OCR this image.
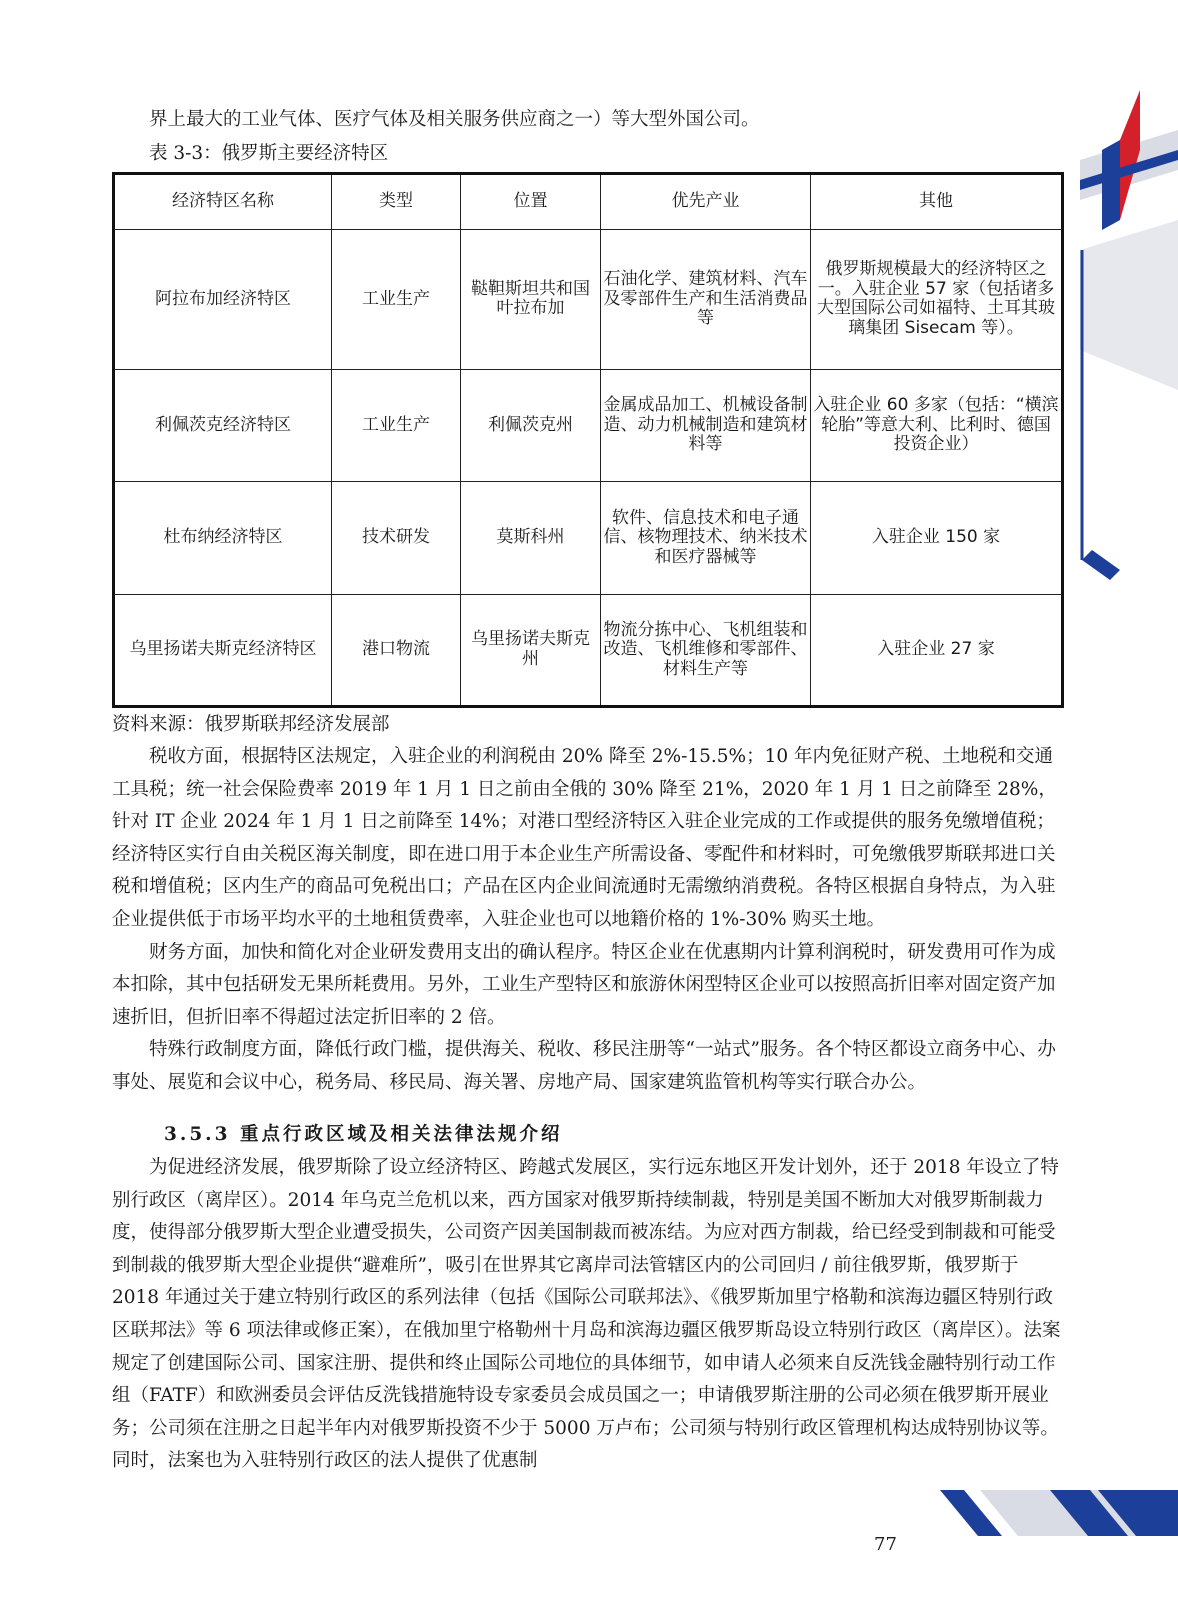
界上最大的工业气体、医疗气体及相关服务供应商之一）等大型外国公司。
表 3-3：俄罗斯主要经济特区
经济特区名称	类型	位置	优先产业	其他
阿拉布加经济特区	工业生产	鞑靼斯坦共和国叶拉布加	石油化学、建筑材料、汽车及零部件生产和生活消费品等	俄罗斯规模最大的经济特区之一。入驻企业 57 家（包括诸多大型国际公司如福特、土耳其玻璃集团 Sisecam 等）。
利佩茨克经济特区	工业生产	利佩茨克州	金属成品加工、机械设备制造、动力机械制造和建筑材料等	入驻企业 60 多家（包括：“横滨轮胎”等意大利、比利时、德国投资企业）
杜布纳经济特区	技术研发	莫斯科州	软件、信息技术和电子通信、核物理技术、纳米技术和医疗器械等	入驻企业 150 家
乌里扬诺夫斯克经济特区	港口物流	乌里扬诺夫斯克州	物流分拣中心、飞机组装和改造、飞机维修和零部件、材料生产等	入驻企业 27 家
资料来源：俄罗斯联邦经济发展部

税收方面，根据特区法规定，入驻企业的利润税由 20% 降至 2%-15.5%；10 年内免征财产税、土地税和交通工具税；统一社会保险费率 2019 年 1 月 1 日之前由全俄的 30% 降至 21%，2020 年 1 月 1 日之前降至 28%，针对 IT 企业 2024 年 1 月 1 日之前降至 14%；对港口型经济特区入驻企业完成的工作或提供的服务免缴增值税；经济特区实行自由关税区海关制度，即在进口用于本企业生产所需设备、零配件和材料时，可免缴俄罗斯联邦进口关税和增值税；区内生产的商品可免税出口；产品在区内企业间流通时无需缴纳消费税。各特区根据自身特点，为入驻企业提供低于市场平均水平的土地租赁费率，入驻企业也可以地籍价格的 1%-30% 购买土地。

财务方面，加快和简化对企业研发费用支出的确认程序。特区企业在优惠期内计算利润税时，研发费用可作为成本扣除，其中包括研发无果所耗费用。另外，工业生产型特区和旅游休闲型特区企业可以按照高折旧率对固定资产加速折旧，但折旧率不得超过法定折旧率的 2 倍。

特殊行政制度方面，降低行政门槛，提供海关、税收、移民注册等“一站式”服务。各个特区都设立商务中心、办事处、展览和会议中心，税务局、移民局、海关署、房地产局、国家建筑监管机构等实行联合办公。

3.5.3 重点行政区域及相关法律法规介绍

为促进经济发展，俄罗斯除了设立经济特区、跨越式发展区，实行远东地区开发计划外，还于 2018 年设立了特别行政区（离岸区）。2014 年乌克兰危机以来，西方国家对俄罗斯持续制裁，特别是美国不断加大对俄罗斯制裁力度，使得部分俄罗斯大型企业遭受损失，公司资产因美国制裁而被冻结。为应对西方制裁，给已经受到制裁和可能受到制裁的俄罗斯大型企业提供“避难所”，吸引在世界其它离岸司法管辖区内的公司回归 / 前往俄罗斯，俄罗斯于 2018 年通过关于建立特别行政区的系列法律（包括《国际公司联邦法》、《俄罗斯加里宁格勒和滨海边疆区特别行政区联邦法》等 6 项法律或修正案），在俄加里宁格勒州十月岛和滨海边疆区俄罗斯岛设立特别行政区（离岸区）。法案规定了创建国际公司、国家注册、提供和终止国际公司地位的具体细节，如申请人必须来自反洗钱金融特别行动工作组（FATF）和欧洲委员会评估反洗钱措施特设专家委员会成员国之一；申请俄罗斯注册的公司必须在俄罗斯开展业务；公司须在注册之日起半年内对俄罗斯投资不少于 5000 万卢布；公司须与特别行政区管理机构达成特别协议等。同时，法案也为入驻特别行政区的法人提供了优惠制

77
